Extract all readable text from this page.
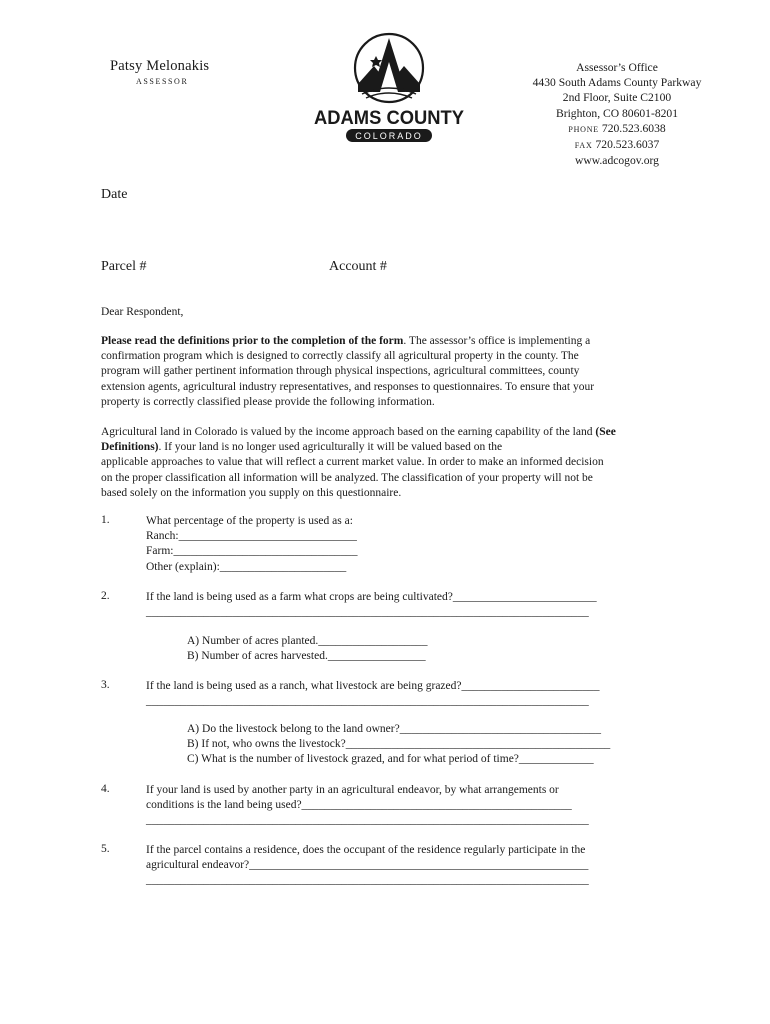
Patsy Melonakis
ASSESSOR
ADAMS COUNTY
COLORADO
Assessor’s Office
4430 South Adams County Parkway
2nd Floor, Suite C2100
Brighton, CO 80601-8201
PHONE 720.523.6038
FAX 720.523.6037
www.adcogov.org
Date
Parcel #	Account #
Dear Respondent,
Please read the definitions prior to the completion of the form. The assessor’s office is implementing a
confirmation program which is designed to correctly classify all agricultural property in the county. The
program will gather pertinent information through physical inspections, agricultural committees, county
extension agents, agricultural industry representatives, and responses to questionnaires. To ensure that your
property is correctly classified please provide the following information.
Agricultural land in Colorado is valued by the income approach based on the earning capability of the land (See
Definitions). If your land is no longer used agriculturally it will be valued based on the
applicable approaches to value that will reflect a current market value. In order to make an informed decision
on the proper classification all information will be analyzed. The classification of your property will not be
based solely on the information you supply on this questionnaire.
1.	What percentage of the property is used as a:
Ranch:_______________________________
Farm:________________________________
Other (explain):______________________
2.	If the land is being used as a farm what crops are being cultivated?_________________________
_____________________________________________________________________________
A) Number of acres planted.___________________
B) Number of acres harvested._________________
3.	If the land is being used as a ranch, what livestock are being grazed?________________________
_____________________________________________________________________________
A) Do the livestock belong to the land owner?___________________________________
B) If not, who owns the livestock?______________________________________________
C) What is the number of livestock grazed, and for what period of time?_____________
4.	If your land is used by another party in an agricultural endeavor, by what arrangements or
conditions is the land being used?_______________________________________________
_____________________________________________________________________________
5.	If the parcel contains a residence, does the occupant of the residence regularly participate in the
agricultural endeavor?___________________________________________________________
_____________________________________________________________________________
